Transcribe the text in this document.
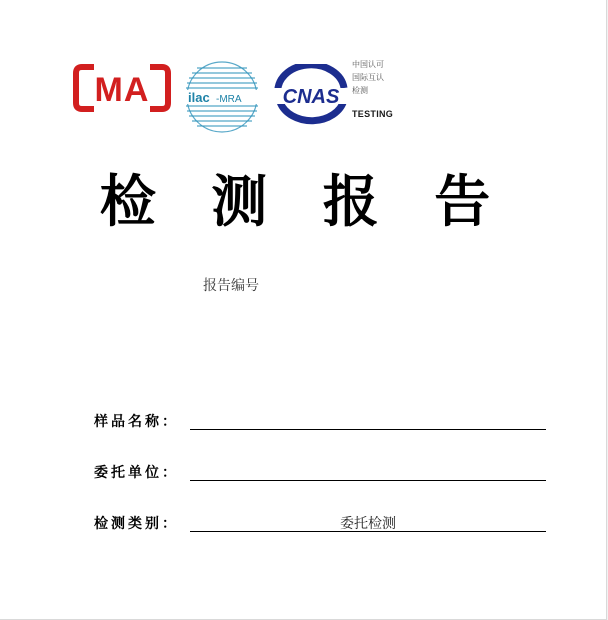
MA	ilac -MRA CNAS
中国认可
国际互认
检测
TESTING
检 测 报 告
报告编号
样品名称：
委托单位：
检测类别：	委托检测
